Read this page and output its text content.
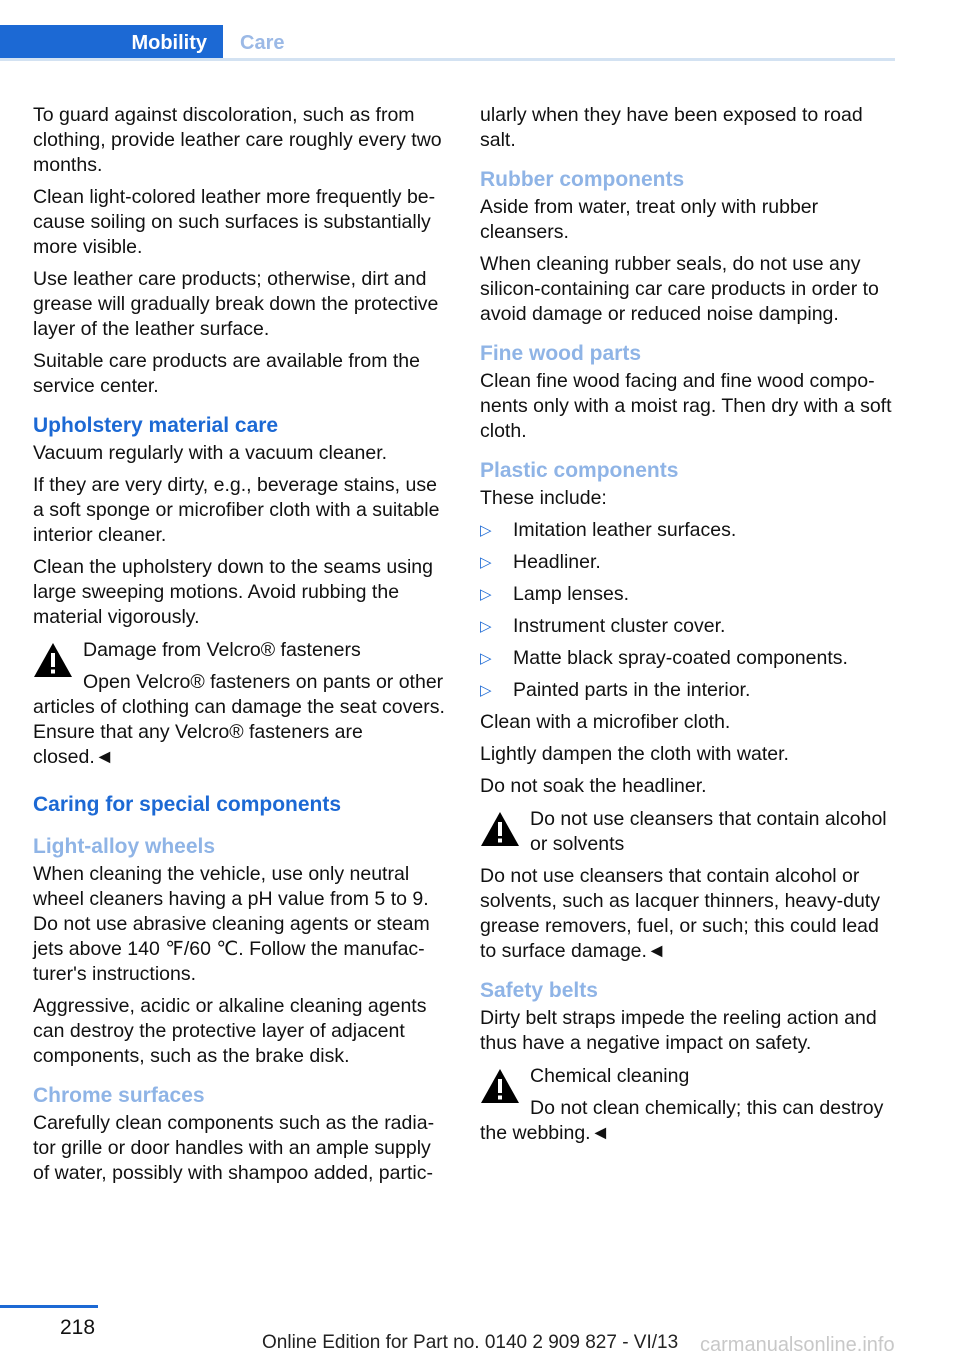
Mobility	Care

To guard against discoloration, such as from clothing, provide leather care roughly every two months.

Clean light-colored leather more frequently because soiling on such surfaces is substantially more visible.

Use leather care products; otherwise, dirt and grease will gradually break down the protective layer of the leather surface.

Suitable care products are available from the service center.

Upholstery material care

Vacuum regularly with a vacuum cleaner.

If they are very dirty, e.g., beverage stains, use a soft sponge or microfiber cloth with a suitable interior cleaner.

Clean the upholstery down to the seams using large sweeping motions. Avoid rubbing the material vigorously.

Damage from Velcro® fasteners
Open Velcro® fasteners on pants or other articles of clothing can damage the seat covers. Ensure that any Velcro® fasteners are closed.◄
Caring for special components
Light-alloy wheels

When cleaning the vehicle, use only neutral wheel cleaners having a pH value from 5 to 9. Do not use abrasive cleaning agents or steam jets above 140 ℉/60 ℃. Follow the manufacturer's instructions.

Aggressive, acidic or alkaline cleaning agents can destroy the protective layer of adjacent components, such as the brake disk.

Chrome surfaces

Carefully clean components such as the radiator grille or door handles with an ample supply of water, possibly with shampoo added, partic-

ularly when they have been exposed to road salt.

Rubber components

Aside from water, treat only with rubber cleansers.

When cleaning rubber seals, do not use any silicon-containing car care products in order to avoid damage or reduced noise damping.

Fine wood parts

Clean fine wood facing and fine wood components only with a moist rag. Then dry with a soft cloth.

Plastic components

These include:

▷ Imitation leather surfaces.
▷ Headliner.
▷ Lamp lenses.
▷ Instrument cluster cover.
▷ Matte black spray-coated components.
▷ Painted parts in the interior.

Clean with a microfiber cloth.

Lightly dampen the cloth with water.

Do not soak the headliner.

Do not use cleansers that contain alcohol or solvents
Do not use cleansers that contain alcohol or solvents, such as lacquer thinners, heavy-duty grease removers, fuel, or such; this could lead to surface damage.◄
Safety belts

Dirty belt straps impede the reeling action and thus have a negative impact on safety.

Chemical cleaning
Do not clean chemically; this can destroy the webbing.◄
218
Online Edition for Part no. 0140 2 909 827 - VI/13 carmanualsonline.info
